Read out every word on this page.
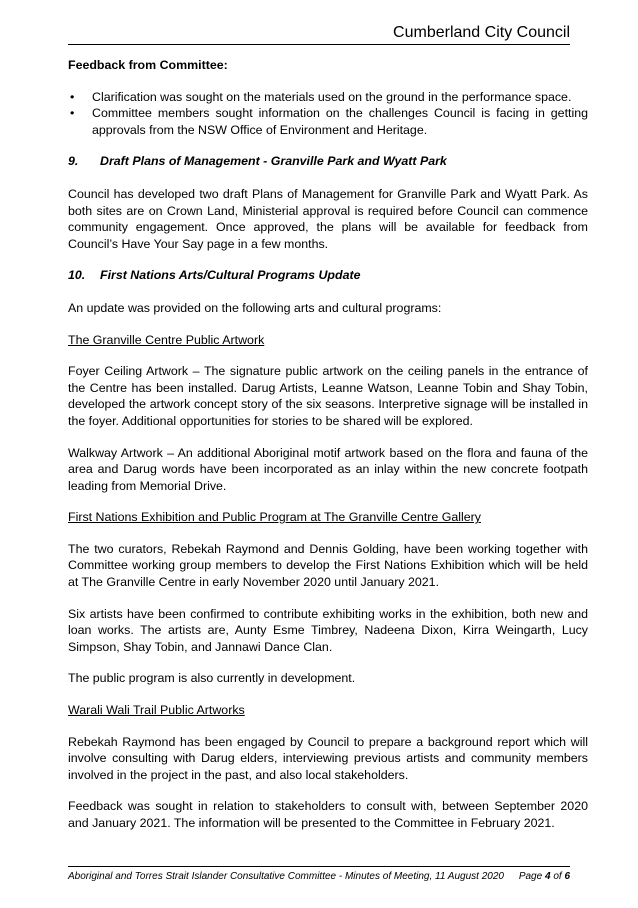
Cumberland City Council
Feedback from Committee:
• Clarification was sought on the materials used on the ground in the performance space.
• Committee members sought information on the challenges Council is facing in getting approvals from the NSW Office of Environment and Heritage.
9.	Draft Plans of Management - Granville Park and Wyatt Park

Council has developed two draft Plans of Management for Granville Park and Wyatt Park. As both sites are on Crown Land, Ministerial approval is required before Council can commence community engagement. Once approved, the plans will be available for feedback from Council’s Have Your Say page in a few months.

10.	First Nations Arts/Cultural Programs Update

An update was provided on the following arts and cultural programs:

The Granville Centre Public Artwork

Foyer Ceiling Artwork – The signature public artwork on the ceiling panels in the entrance of the Centre has been installed. Darug Artists, Leanne Watson, Leanne Tobin and Shay Tobin, developed the artwork concept story of the six seasons. Interpretive signage will be installed in the foyer. Additional opportunities for stories to be shared will be explored.

Walkway Artwork – An additional Aboriginal motif artwork based on the flora and fauna of the area and Darug words have been incorporated as an inlay within the new concrete footpath leading from Memorial Drive.

First Nations Exhibition and Public Program at The Granville Centre Gallery

The two curators, Rebekah Raymond and Dennis Golding, have been working together with Committee working group members to develop the First Nations Exhibition which will be held at The Granville Centre in early November 2020 until January 2021.

Six artists have been confirmed to contribute exhibiting works in the exhibition, both new and loan works. The artists are, Aunty Esme Timbrey, Nadeena Dixon, Kirra Weingarth, Lucy Simpson, Shay Tobin, and Jannawi Dance Clan.

The public program is also currently in development.

Warali Wali Trail Public Artworks

Rebekah Raymond has been engaged by Council to prepare a background report which will involve consulting with Darug elders, interviewing previous artists and community members involved in the project in the past, and also local stakeholders.

Feedback was sought in relation to stakeholders to consult with, between September 2020 and January 2021. The information will be presented to the Committee in February 2021.

Aboriginal and Torres Strait Islander Consultative Committee - Minutes of Meeting, 11 August 2020 Page 4 of 6
